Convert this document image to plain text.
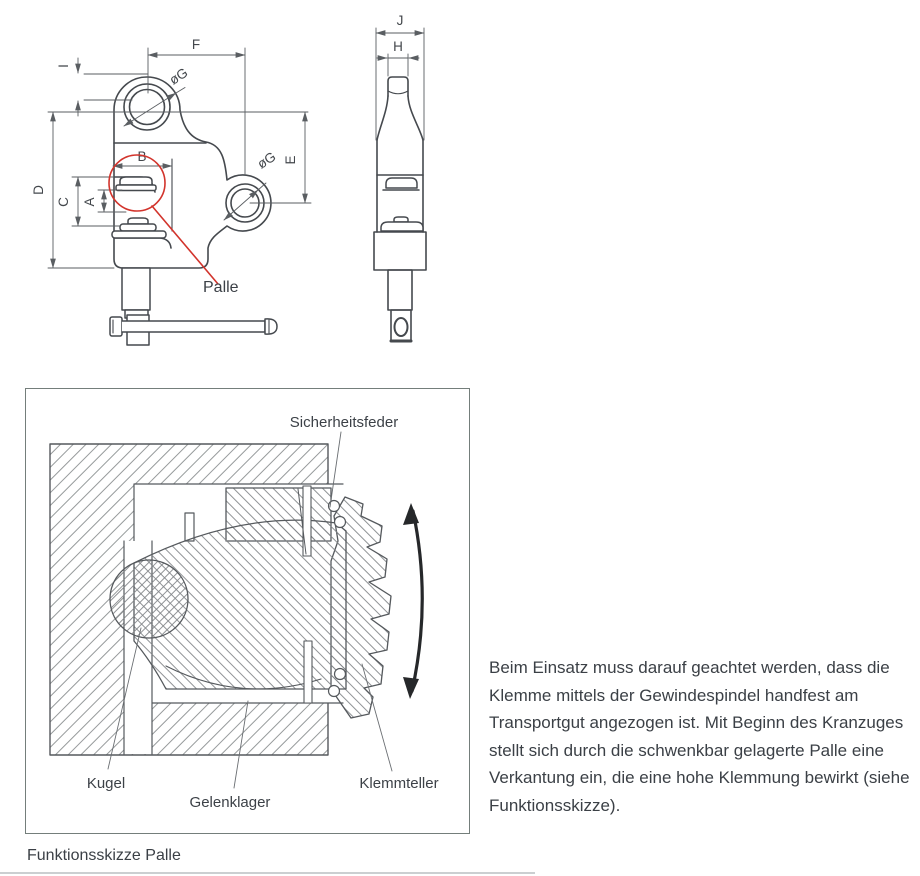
F
I
D
C A
B	E
øG
øG
Palle
J
H
Sicherheitsfeder
Kugel
Gelenklager
Klemmteller
Beim Einsatz muss darauf geachtet werden, dass die Klemme mittels der Gewindespindel handfest am Transportgut angezogen ist. Mit Beginn des Kranzuges stellt sich durch die schwenkbar gelagerte Palle eine Verkantung ein, die eine hohe Klemmung bewirkt (siehe Funktionsskizze).
Funktionsskizze Palle
